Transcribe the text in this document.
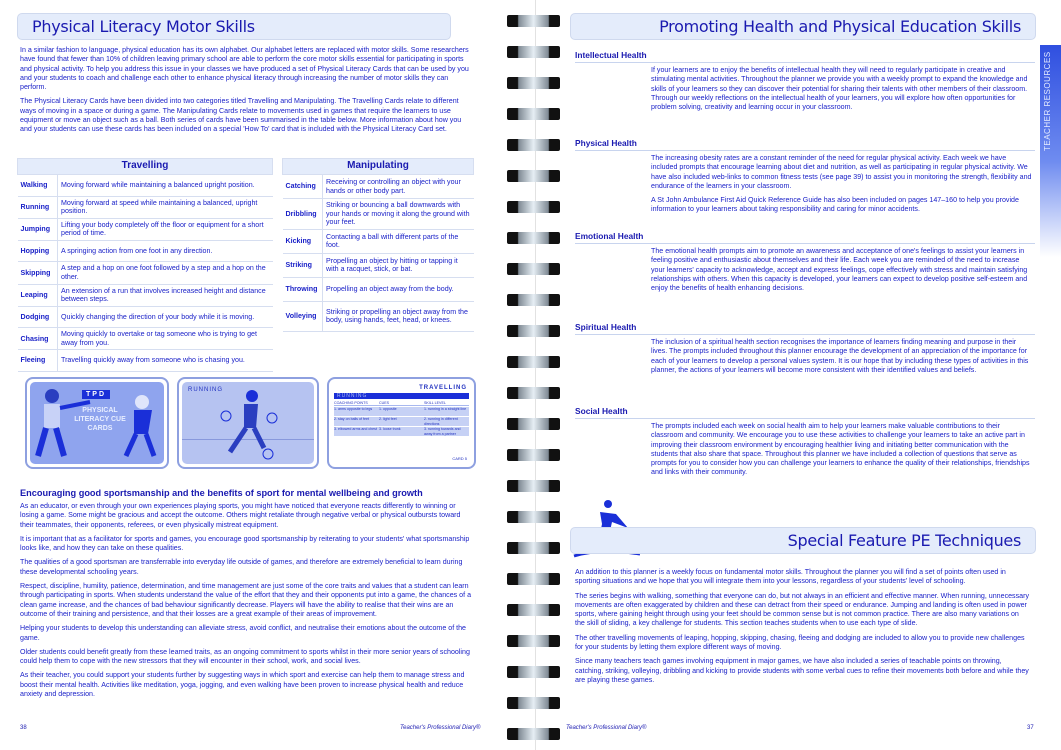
Physical Literacy Motor Skills

In a similar fashion to language, physical education has its own alphabet. Our alphabet letters are replaced with motor skills. Some researchers have found that fewer than 10% of children leaving primary school are able to perform the core motor skills essential for participating in sports and physical activity. To help you address this issue in your classes we have produced a set of Physical Literacy Cards that can be used by you and your students to coach and challenge each other to enhance physical literacy through increasing the number of motor skills they can perform.

The Physical Literacy Cards have been divided into two categories titled Travelling and Manipulating. The Travelling Cards relate to different ways of moving in a space or during a game. The Manipulating Cards relate to movements used in games that require the learners to use equipment or move an object such as a ball. Both series of cards have been summarised in the table below. More information about how you and your students can use these cards has been included on a special 'How To' card that is included with the Physical Literacy Card set.

Travelling	
Walking	Moving forward while maintaining a balanced upright position.
Running	Moving forward at speed while maintaining a balanced, upright position.
Jumping	Lifting your body completely off the floor or equipment for a short period of time.
Hopping	A springing action from one foot in any direction.
Skipping	A step and a hop on one foot followed by a step and a hop on the other.
Leaping	An extension of a run that involves increased height and distance between steps.
Dodging	Quickly changing the direction of your body while it is moving.
Chasing	Moving quickly to overtake or tag someone who is trying to get away from you.
Fleeing	Travelling quickly away from someone who is chasing you.
Manipulating	
Catching	Receiving or controlling an object with your hands or other body part.
Dribbling	Striking or bouncing a ball downwards with your hands or moving it along the ground with your feet.
Kicking	Contacting a ball with different parts of the foot.
Striking	Propelling an object by hitting or tapping it with a racquet, stick, or bat.
Throwing	Propelling an object away from the body.
Volleying	Striking or propelling an object away from the body, using hands, feet, head, or knees.
TPD
PHYSICAL LITERACY CUE CARDS
RUNNING	TRAVELLING
RUNNING
COACHING POINTS	CUES	SKILL LEVEL
1. arms opposite to legs	1. opposite	1. running in a straight line
2. stay on balls of feet	2. light feet	2. running in different directions
3. elbowed arms and chest 3. loose trunk	3. running towards and away from a partner
CARD 5
Encouraging good sportsmanship and the benefits of sport for mental wellbeing and growth

As an educator, or even through your own experiences playing sports, you might have noticed that everyone reacts differently to winning or losing a game. Some might be gracious and accept the outcome. Others might retaliate through negative verbal or physical outbursts toward their teammates, their opponents, referees, or even physically mistreat equipment.

It is important that as a facilitator for sports and games, you encourage good sportsmanship by reiterating to your students' what sportsmanship looks like, and how they can take on these qualities.

The qualities of a good sportsman are transferrable into everyday life outside of games, and therefore are extremely beneficial to learn during these developmental schooling years.

Respect, discipline, humility, patience, determination, and time management are just some of the core traits and values that a student can learn through participating in sports. When students understand the value of the effort that they and their opponents put into a game, the chances of a clean game increase, and the chances of bad behaviour significantly decrease. Players will have the ability to realise that their wins are an outcome of their training and persistence, and that their losses are a great example of their areas of improvement.

Helping your students to develop this understanding can alleviate stress, avoid conflict, and neutralise their emotions about the outcome of the game.

Older students could benefit greatly from these learned traits, as an ongoing commitment to sports whilst in their more senior years of schooling could help them to cope with the new stressors that they will encounter in their school, work, and social lives.

As their teacher, you could support your students further by suggesting ways in which sport and exercise can help them to manage stress and boost their mental health. Activities like meditation, yoga, jogging, and even walking have been proven to increase physical health and reduce anxiety and depression.

38	Teacher's Professional Diary®
Promoting Health and Physical Education Skills
TEACHER RESOURCES
Intellectual Health

If your learners are to enjoy the benefits of intellectual health they will need to regularly participate in creative and stimulating mental activities. Throughout the planner we provide you with a weekly prompt to expand the knowledge and skills of your learners so they can discover their potential for sharing their talents with other members of their classroom. Through our weekly reflections on the intellectual health of your learners, you will explore how often opportunities for problem solving, creativity and learning occur in your classroom.

Physical Health

The increasing obesity rates are a constant reminder of the need for regular physical activity. Each week we have included prompts that encourage learning about diet and nutrition, as well as participating in regular physical activity. We have also included web-links to common fitness tests (see page 39) to assist you in monitoring the strength, flexibility and endurance of the learners in your classroom.

A St John Ambulance First Aid Quick Reference Guide has also been included on pages 147–160 to help you provide information to your learners about taking responsibility and caring for minor accidents.

Emotional Health

The emotional health prompts aim to promote an awareness and acceptance of one's feelings to assist your learners in feeling positive and enthusiastic about themselves and their life. Each week you are reminded of the need to increase your learners' capacity to acknowledge, accept and express feelings, cope effectively with stress and maintain satisfying relationships with others. When this capacity is developed, your learners can expect to develop positive self-esteem and enjoy the benefits of health enhancing decisions.

Spiritual Health

The inclusion of a spiritual health section recognises the importance of learners finding meaning and purpose in their lives. The prompts included throughout this planner encourage the development of an appreciation of the importance for each of your learners to develop a personal values system. It is our hope that by including these types of activities in this planner, the actions of your learners will become more consistent with their identified values and beliefs.

Social Health

The prompts included each week on social health aim to help your learners make valuable contributions to their classroom and community. We encourage you to use these activities to challenge your learners to take an active part in improving their classroom environment by encouraging healthier living and initiating better communication with the students that also share that space. Throughout this planner we have included a collection of questions that serve as prompts for you to consider how you can challenge your learners to enhance the quality of their relationships, friendships and links with their community.

Special Feature PE Techniques

An addition to this planner is a weekly focus on fundamental motor skills. Throughout the planner you will find a set of points often used in sporting situations and we hope that you will integrate them into your lessons, regardless of your students' level of schooling.

The series begins with walking, something that everyone can do, but not always in an efficient and effective manner. When running, unnecessary movements are often exaggerated by children and these can detract from their speed or endurance. Jumping and landing is often used in power sports, where gaining height through using your feet should be common sense but is not common practice. There are also many variations on the skill of sliding, a key challenge for students. This section teaches students when to use each type of slide.

The other travelling movements of leaping, hopping, skipping, chasing, fleeing and dodging are included to allow you to provide new challenges for your students by letting them explore different ways of moving.

Since many teachers teach games involving equipment in major games, we have also included a series of teachable points on throwing, catching, striking, volleying, dribbling and kicking to provide students with some verbal cues to refine their movements both before and while they are playing these games.

Teacher's Professional Diary®	37
